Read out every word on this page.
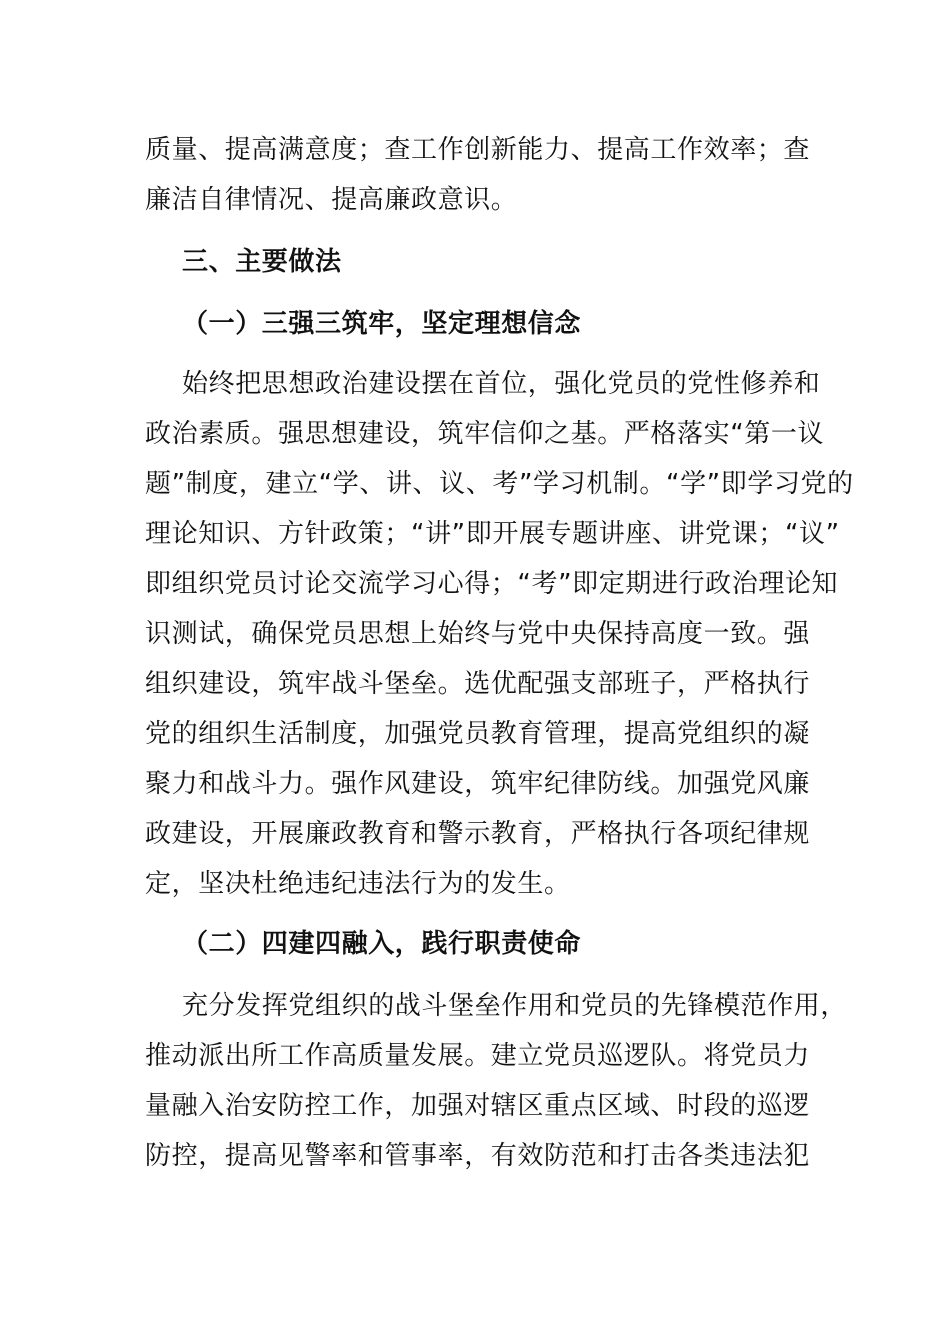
质量、提高满意度；查工作创新能力、提高工作效率；查
廉洁自律情况、提高廉政意识。
三、主要做法
（一）三强三筑牢，坚定理想信念
始终把思想政治建设摆在首位，强化党员的党性修养和
政治素质。强思想建设，筑牢信仰之基。严格落实“第一议
题”制度，建立“学、讲、议、考”学习机制。“学”即学习党的
理论知识、方针政策；“讲”即开展专题讲座、讲党课；“议”
即组织党员讨论交流学习心得；“考”即定期进行政治理论知
识测试，确保党员思想上始终与党中央保持高度一致。强
组织建设，筑牢战斗堡垒。选优配强支部班子，严格执行
党的组织生活制度，加强党员教育管理，提高党组织的凝
聚力和战斗力。强作风建设，筑牢纪律防线。加强党风廉
政建设，开展廉政教育和警示教育，严格执行各项纪律规
定，坚决杜绝违纪违法行为的发生。
（二）四建四融入，践行职责使命
充分发挥党组织的战斗堡垒作用和党员的先锋模范作用，
推动派出所工作高质量发展。建立党员巡逻队。将党员力
量融入治安防控工作，加强对辖区重点区域、时段的巡逻
防控，提高见警率和管事率，有效防范和打击各类违法犯
